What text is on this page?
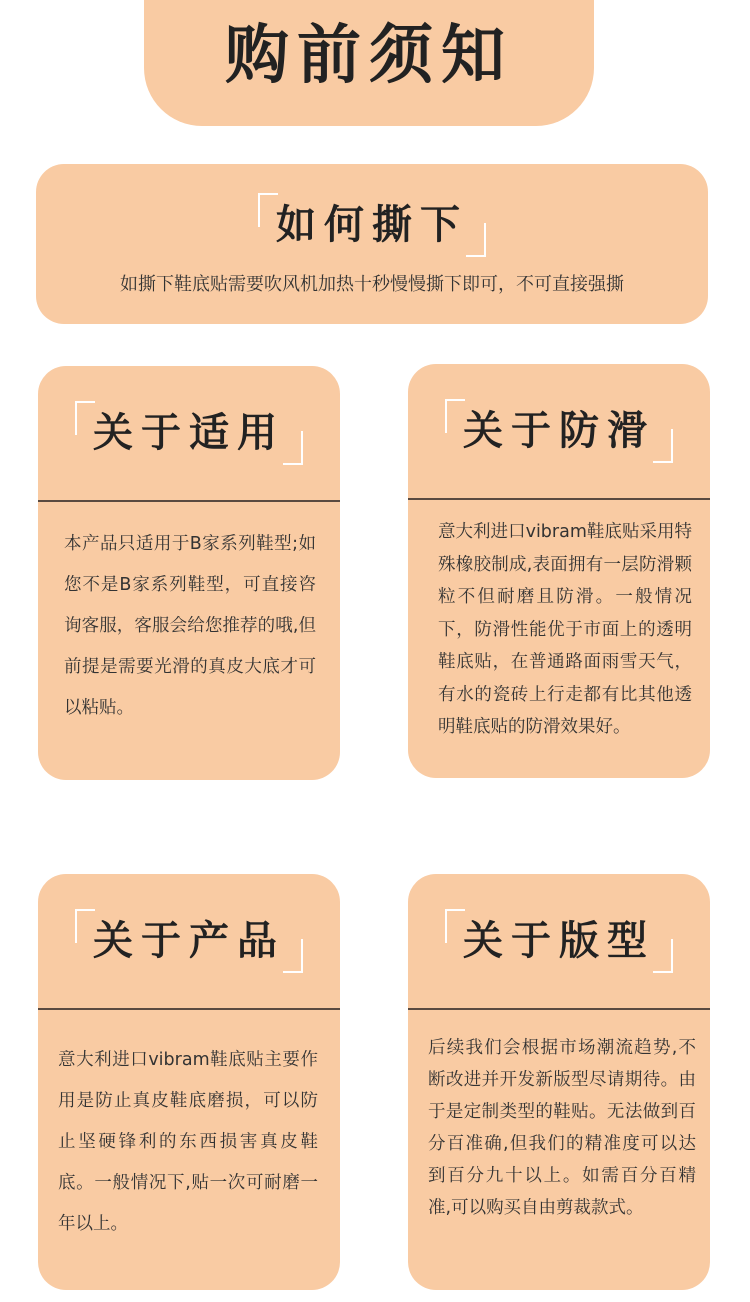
购前须知
如何撕下

如撕下鞋底贴需要吹风机加热十秒慢慢撕下即可，不可直接强撕

关于适用

本产品只适用于B家系列鞋型;如您不是B家系列鞋型，可直接咨询客服，客服会给您推荐的哦,但前提是需要光滑的真皮大底才可以粘贴。

关于防滑

意大利进口vibram鞋底贴采用特殊橡胶制成,表面拥有一层防滑颗粒不但耐磨且防滑。一般情况下，防滑性能优于市面上的透明鞋底贴，在普通路面雨雪天气，有水的瓷砖上行走都有比其他透明鞋底贴的防滑效果好。

关于产品

意大利进口vibram鞋底贴主要作用是防止真皮鞋底磨损，可以防止坚硬锋利的东西损害真皮鞋底。一般情况下,贴一次可耐磨一年以上。

关于版型

后续我们会根据市场潮流趋势,不断改进并开发新版型尽请期待。由于是定制类型的鞋贴。无法做到百分百准确,但我们的精准度可以达到百分九十以上。如需百分百精准,可以购买自由剪裁款式。
